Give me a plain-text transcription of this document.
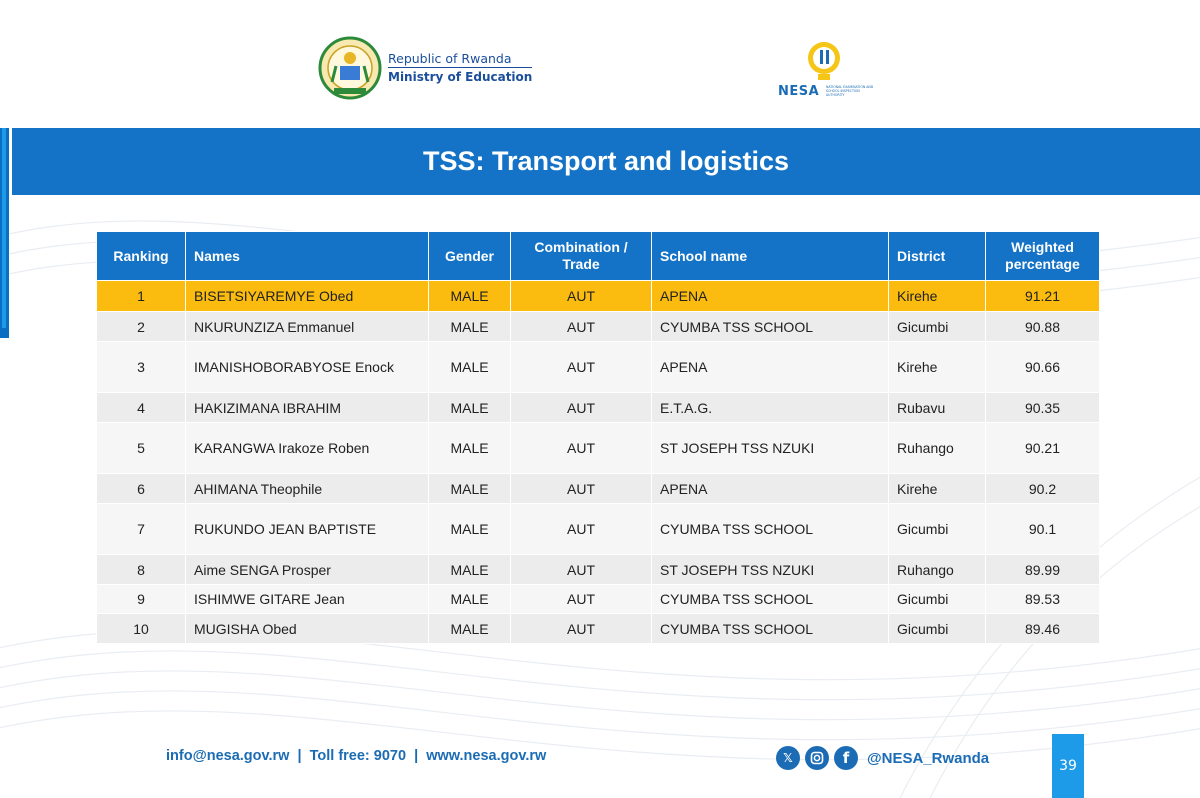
Republic of Rwanda
Ministry of Education
NESA NATIONAL EXAMINATION AND SCHOOL INSPECTION AUTHORITY
TSS: Transport and logistics
Ranking	Names	Gender	Combination / Trade	School name	District	Weighted percentage
1	BISETSIYAREMYE Obed	MALE	AUT	APENA	Kirehe	91.21
2	NKURUNZIZA Emmanuel	MALE	AUT	CYUMBA TSS SCHOOL	Gicumbi	90.88
3	IMANISHOBORABYOSE Enock	MALE	AUT	APENA	Kirehe	90.66
4	HAKIZIMANA IBRAHIM	MALE	AUT	E.T.A.G.	Rubavu	90.35
5	KARANGWA Irakoze Roben	MALE	AUT	ST JOSEPH TSS NZUKI	Ruhango	90.21
6	AHIMANA Theophile	MALE	AUT	APENA	Kirehe	90.2
7	RUKUNDO JEAN BAPTISTE	MALE	AUT	CYUMBA TSS SCHOOL	Gicumbi	90.1
8	Aime SENGA Prosper	MALE	AUT	ST JOSEPH TSS NZUKI	Ruhango	89.99
9	ISHIMWE GITARE Jean	MALE	AUT	CYUMBA TSS SCHOOL	Gicumbi	89.53
10	MUGISHA Obed	MALE	AUT	CYUMBA TSS SCHOOL	Gicumbi	89.46
info@nesa.gov.rw  |  Toll free: 9070  |  www.nesa.gov.rw	𝕏	f	@NESA_Rwanda	39
